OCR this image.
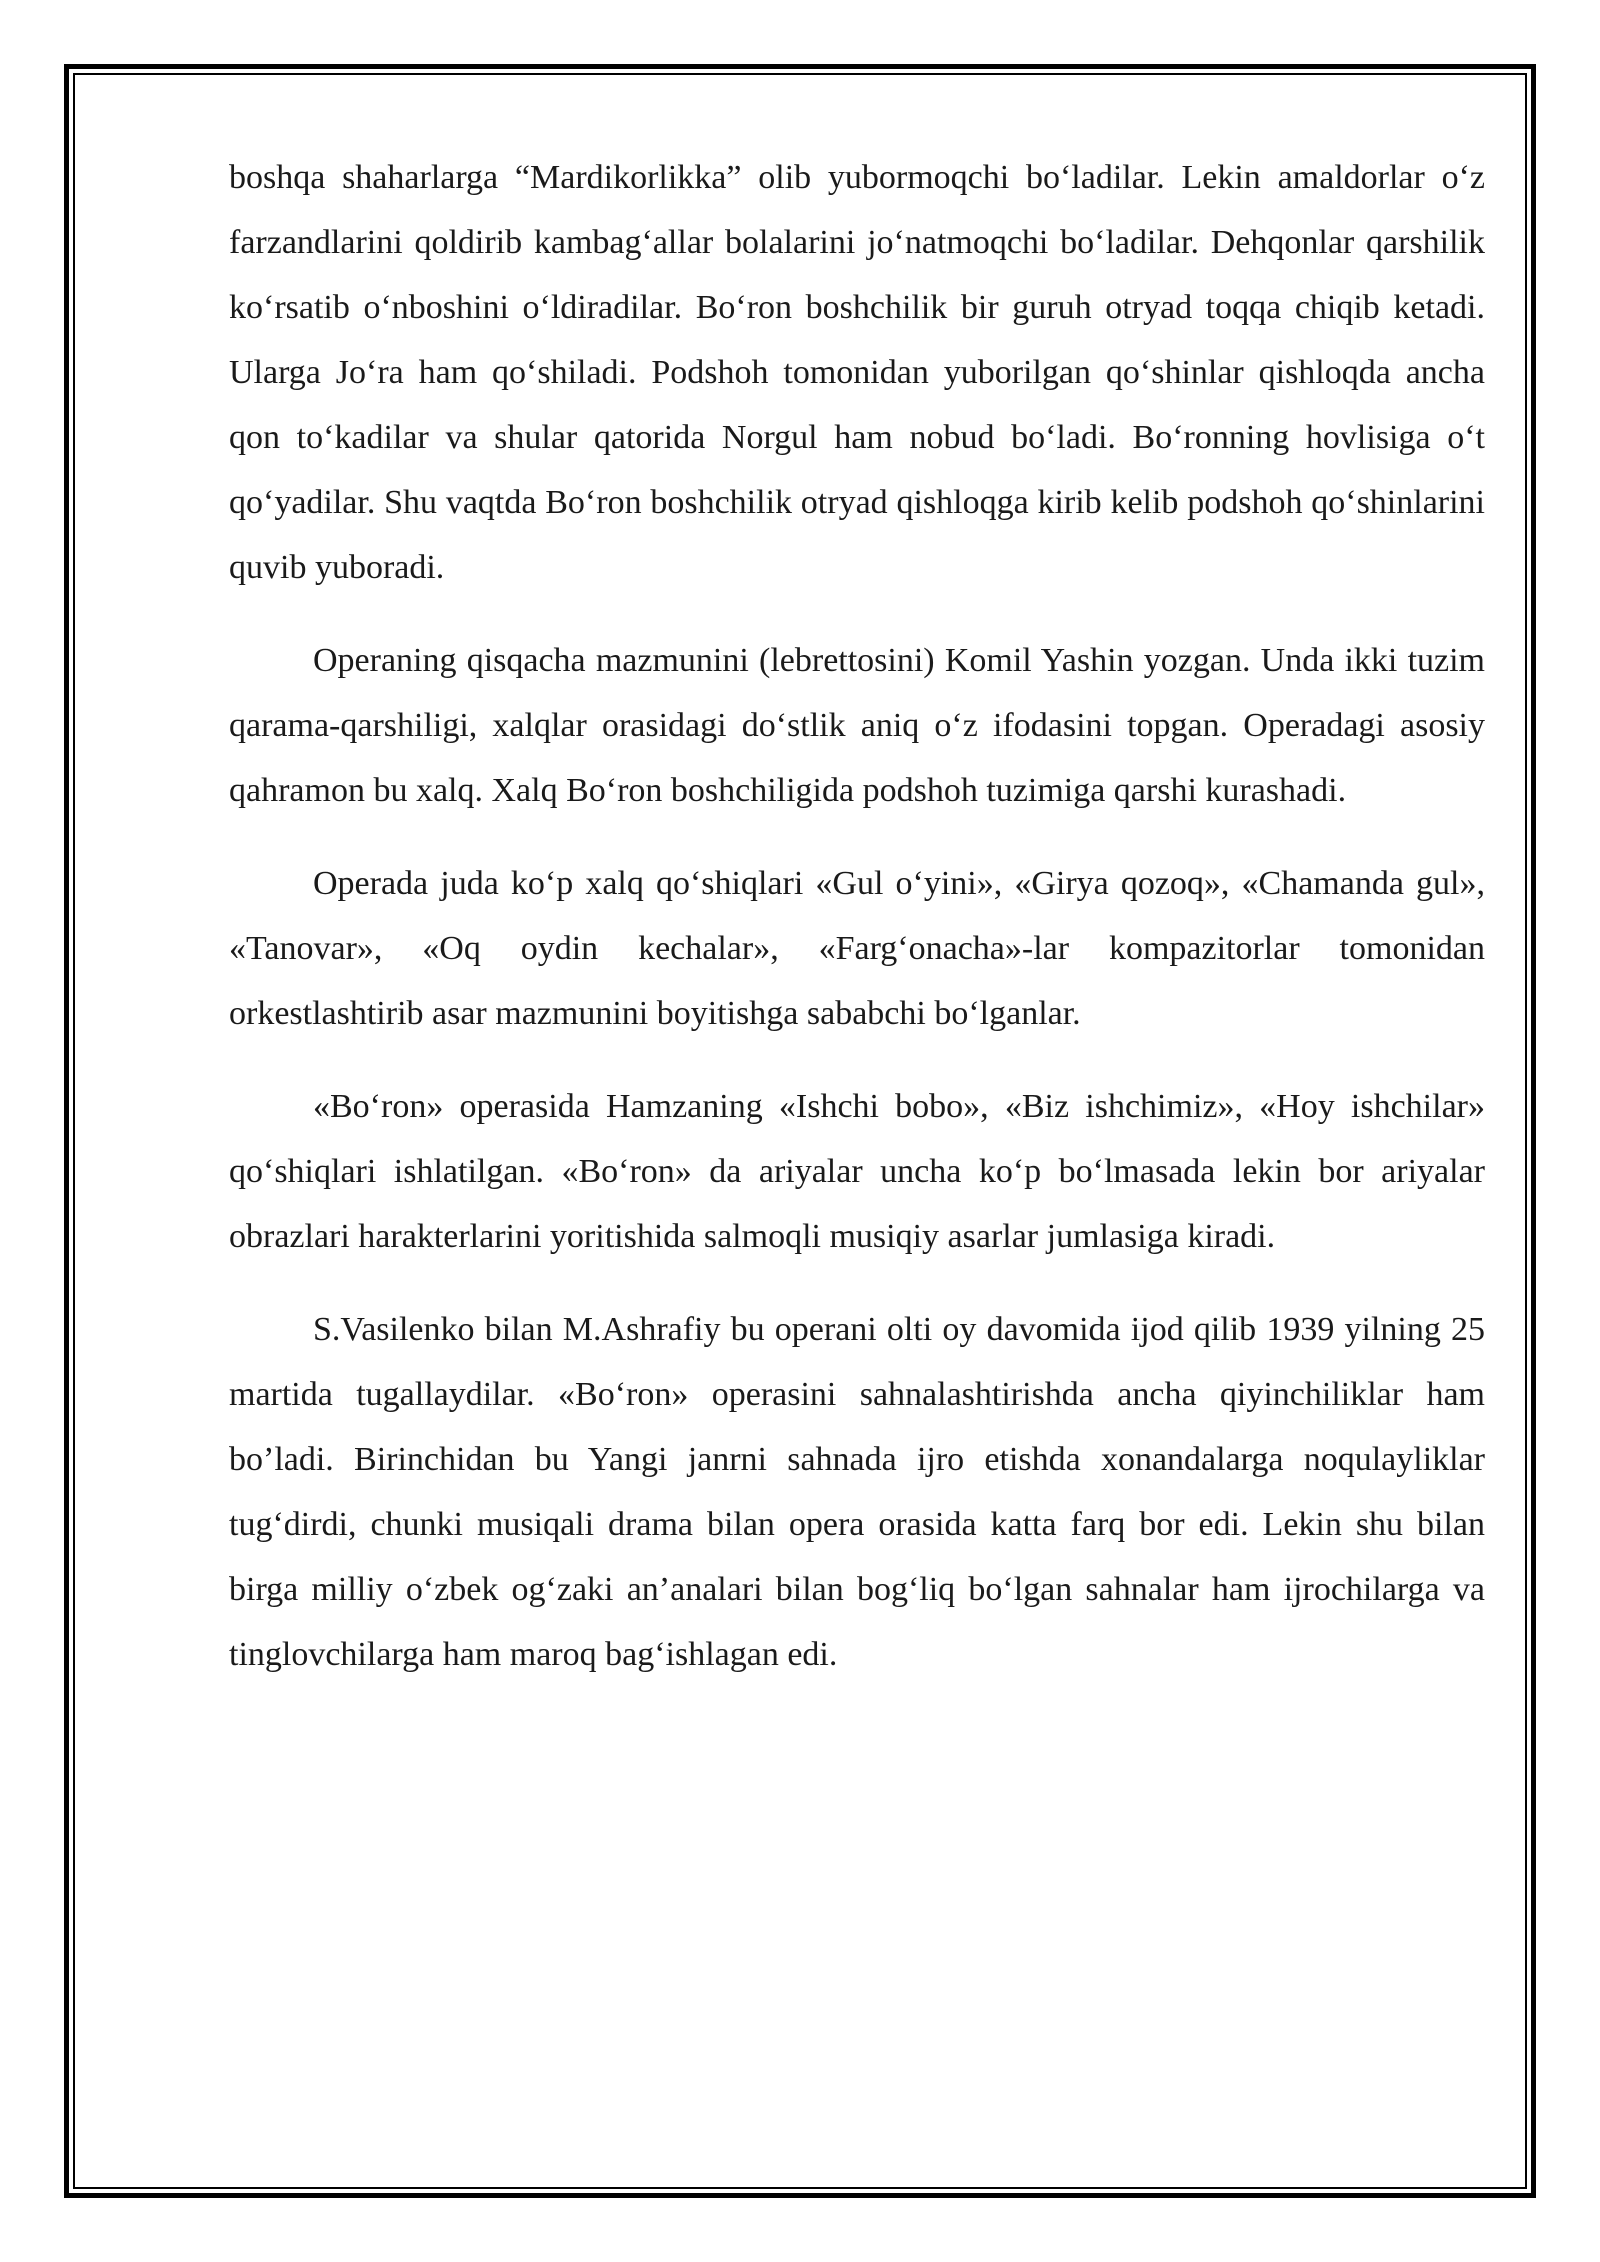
boshqa shaharlarga “Mardikorlikka” olib yubormoqchi bo‘ladilar. Lekin amaldorlar o‘z farzandlarini qoldirib kambag‘allar bolalarini jo‘natmoqchi bo‘ladilar. Dehqonlar qarshilik ko‘rsatib o‘nboshini o‘ldiradilar. Bo‘ron boshchilik bir guruh otryad toqqa chiqib ketadi. Ularga Jo‘ra ham qo‘shiladi. Podshoh tomonidan yuborilgan qo‘shinlar qishloqda ancha qon to‘kadilar va shular qatorida Norgul ham nobud bo‘ladi. Bo‘ronning hovlisiga o‘t qo‘yadilar. Shu vaqtda Bo‘ron boshchilik otryad qishloqga kirib kelib podshoh qo‘shinlarini quvib yuboradi.

Operaning qisqacha mazmunini (lebrettosini) Komil Yashin yozgan. Unda ikki tuzim qarama-qarshiligi, xalqlar orasidagi do‘stlik aniq o‘z ifodasini topgan. Operadagi asosiy qahramon bu xalq. Xalq Bo‘ron boshchiligida podshoh tuzimiga qarshi kurashadi.

Operada juda ko‘p xalq qo‘shiqlari «Gul o‘yini», «Girya qozoq», «Chamanda gul», «Tanovar», «Oq oydin kechalar», «Farg‘onacha»-lar kompazitorlar tomonidan orkestlashtirib asar mazmunini boyitishga sababchi bo‘lganlar.

«Bo‘ron» operasida Hamzaning «Ishchi bobo», «Biz ishchimiz», «Hoy ishchilar» qo‘shiqlari ishlatilgan. «Bo‘ron» da ariyalar uncha ko‘p bo‘lmasada lekin bor ariyalar obrazlari harakterlarini yoritishida salmoqli musiqiy asarlar jumlasiga kiradi.

S.Vasilenko bilan M.Ashrafiy bu operani olti oy davomida ijod qilib 1939 yilning 25 martida tugallaydilar. «Bo‘ron» operasini sahnalashtirishda ancha qiyinchiliklar ham bo’ladi. Birinchidan bu Yangi janrni sahnada ijro etishda xonandalarga noqulayliklar tug‘dirdi, chunki musiqali drama bilan opera orasida katta farq bor edi. Lekin shu bilan birga milliy o‘zbek og‘zaki an’analari bilan bog‘liq bo‘lgan sahnalar ham ijrochilarga va tinglovchilarga ham maroq bag‘ishlagan edi.
